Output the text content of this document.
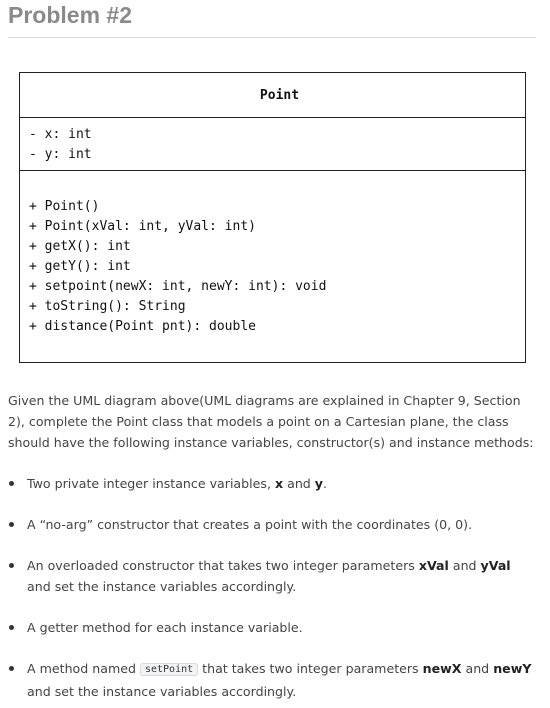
Problem #2
Point
- x: int
- y: int
+ Point()
+ Point(xVal: int, yVal: int)
+ getX(): int
+ getY(): int
+ setpoint(newX: int, newY: int): void
+ toString(): String
+ distance(Point pnt): double

Given the UML diagram above(UML diagrams are explained in Chapter 9, Section 2), complete the Point class that models a point on a Cartesian plane, the class should have the following instance variables, constructor(s) and instance methods:

Two private integer instance variables, x and y.
A “no-arg” constructor that creates a point with the coordinates (0, 0).
An overloaded constructor that takes two integer parameters xVal and yVal and set the instance variables accordingly.
A getter method for each instance variable.
A method named setPoint that takes two integer parameters newX and newY and set the instance variables accordingly.
